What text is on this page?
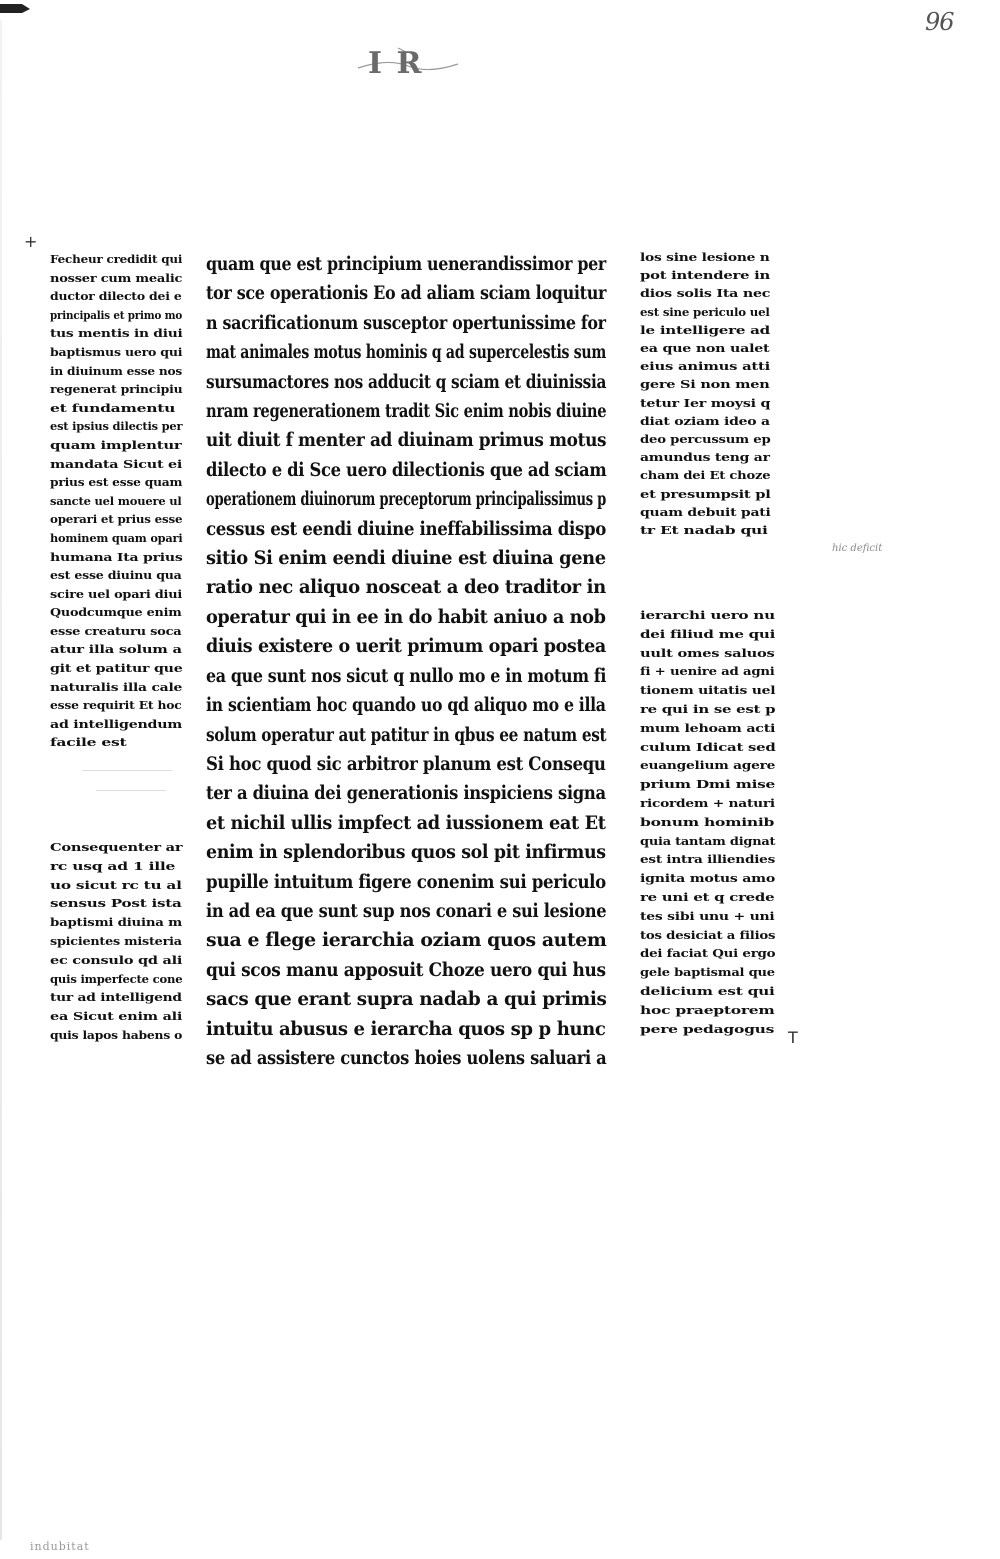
96
I R
+
Fecheur credidit qui
nosser cum mealic
ductor dilecto dei e
principalis et primo mo
tus mentis in diui
baptismus uero qui
in diuinum esse nos
regenerat principiu
et fundamentu
est ipsius dilectis per
quam implentur
mandata Sicut ei
prius est esse quam
sancte uel mouere ul
operari et prius esse
hominem quam opari
humana Ita prius
est esse diuinu qua
scire uel opari diui
Quodcumque enim
esse creaturu soca
atur illa solum a
git et patitur que
naturalis illa cale
esse requirit Et hoc
ad intelligendum
facile est
Consequenter ar
rc usq ad 1 ille
uo sicut rc tu al
sensus Post ista
baptismi diuina m
spicientes misteria
ec consulo qd ali
quis imperfecte cone
tur ad intelligend
ea Sicut enim ali
quis lapos habens o
quam que est principium uenerandissimor per
tor sce operationis Eo ad aliam sciam loquitur
n sacrificationum susceptor opertunissime for
mat animales motus hominis q ad supercelestis sum
sursumactores nos adducit q sciam et diuinissia
nram regenerationem tradit Sic enim nobis diuine
uit diuit f menter ad diuinam primus motus
dilecto e di Sce uero dilectionis que ad sciam
operationem diuinorum preceptorum principalissimus p
cessus est eendi diuine ineffabilissima dispo
sitio Si enim eendi diuine est diuina gene
ratio nec aliquo nosceat a deo traditor in
operatur qui in ee in do habit aniuo a nob
diuis existere o uerit primum opari postea
ea que sunt nos sicut q nullo mo e in motum fi
in scientiam hoc quando uo qd aliquo mo e illa
solum operatur aut patitur in qbus ee natum est
Si hoc quod sic arbitror planum est Consequ
ter a diuina dei generationis inspiciens signa
et nichil ullis impfect ad iussionem eat Et
enim in splendoribus quos sol pit infirmus
pupille intuitum figere conenim sui periculo
in ad ea que sunt sup nos conari e sui lesione
sua e flege ierarchia oziam quos autem
qui scos manu apposuit Choze uero qui hus
sacs que erant supra nadab a qui primis
intuitu abusus e ierarcha quos sp p hunc
se ad assistere cunctos hoies uolens saluari a
los sine lesione n
pot intendere in
dios solis Ita nec
est sine periculo uel
le intelligere ad
ea que non ualet
eius animus atti
gere Si non men
tetur Ier moysi q
diat oziam ideo a
deo percussum ep
amundus teng ar
cham dei Et choze
et presumpsit pl
quam debuit pati
tr Et nadab qui
hic deficit
ierarchi uero nu
dei filiud me qui
uult omes saluos
fi + uenire ad agni
tionem uitatis uel
re qui in se est p
mum lehoam acti
culum Idicat sed
euangelium agere
prium Dmi mise
ricordem + naturi
bonum hominib
quia tantam dignat
est intra illiendies
ignita motus amo
re uni et q crede
tes sibi unu + uni
tos desiciat a filios
dei faciat Qui ergo
gele baptismal que
delicium est qui
hoc praeptorem
pere pedagogus T
indubitat
